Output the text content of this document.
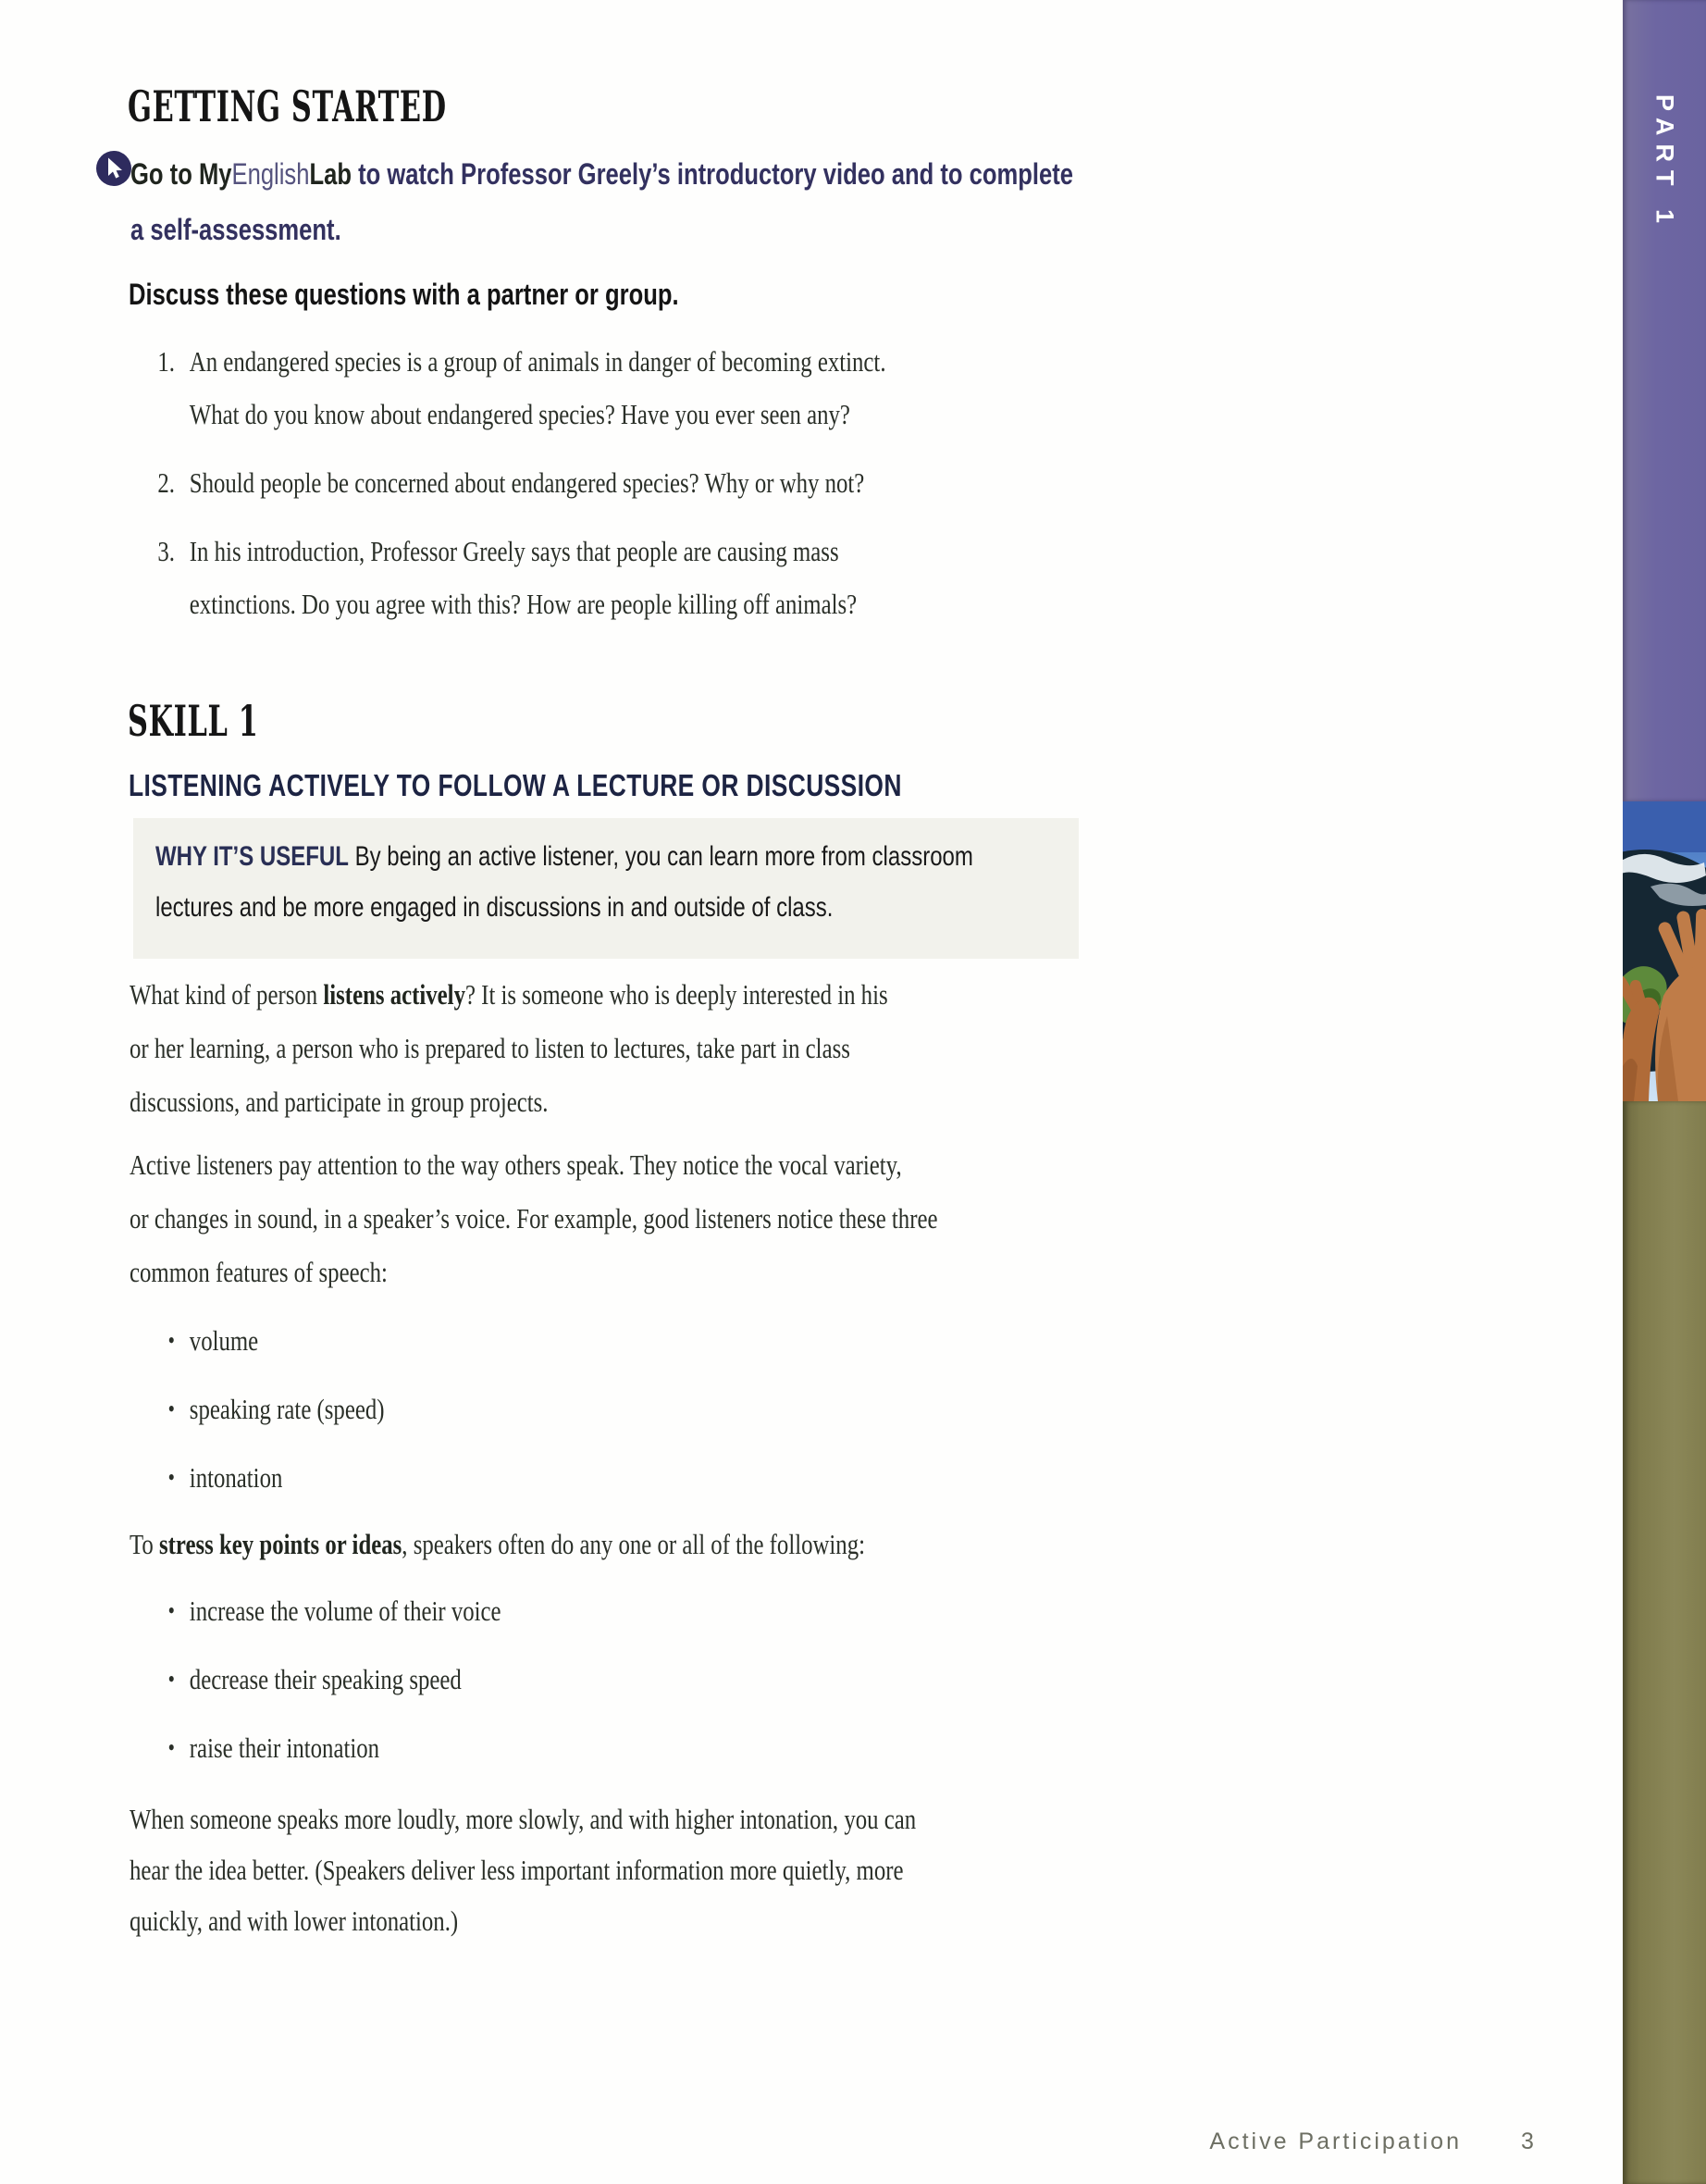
GETTING STARTED
Go to MyEnglishLab to watch Professor Greely’s introductory video and to complete
a self-assessment.
Discuss these questions with a partner or group.
1. An endangered species is a group of animals in danger of becoming extinct.
What do you know about endangered species? Have you ever seen any?
2. Should people be concerned about endangered species? Why or why not?
3. In his introduction, Professor Greely says that people are causing mass
extinctions. Do you agree with this? How are people killing off animals?
SKILL 1
LISTENING ACTIVELY TO FOLLOW A LECTURE OR DISCUSSION
WHY IT’S USEFUL By being an active listener, you can learn more from classroom
lectures and be more engaged in discussions in and outside of class.
What kind of person listens actively? It is someone who is deeply interested in his
or her learning, a person who is prepared to listen to lectures, take part in class
discussions, and participate in group projects.
Active listeners pay attention to the way others speak. They notice the vocal variety,
or changes in sound, in a speaker’s voice. For example, good listeners notice these three
common features of speech:
• volume
• speaking rate (speed)
• intonation
To stress key points or ideas, speakers often do any one or all of the following:
• increase the volume of their voice
• decrease their speaking speed
• raise their intonation
When someone speaks more loudly, more slowly, and with higher intonation, you can
hear the idea better. (Speakers deliver less important information more quietly, more
quickly, and with lower intonation.)
PART 1
Active Participation	3
